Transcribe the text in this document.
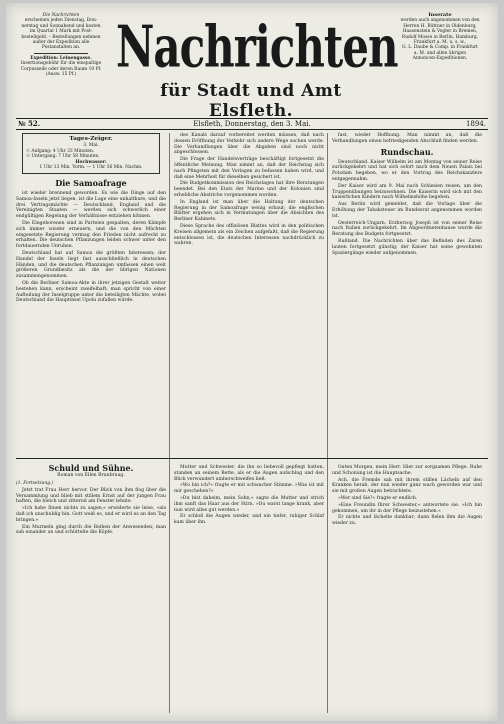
Die Nachrichten
erscheinen jeden Dienstag, Don-
nerstag und Sonnabend und kosten
im Quartal 1 Mark mit Post-
bestellgeld. – Bestellungen nehmen
außer der Expedition alle
Postanstalten an.
Expedition: Leinengasse.
Insertionsgebühr für die einspaltige
Corpuszeile oder deren Raum 10 Pf.
(Ausw. 15 Pf.) Nachrichten
für Stadt und Amt Elsfleth.
Inserate
werden auch angenommen von den
Herren H. Büttner in Oldenburg,
Haasenstein & Vogler in Bremen,
Rudolf Mosse in Berlin, Hamburg,
Frankfurt a. M. u. s. w.,
G. L. Daube & Comp. in Frankfurt
a. M. und allen übrigen
Annoncen-Expeditionen.
№ 52.	Elsfleth, Donnerstag, den 3. Mai.	1894.
Tages-Zeiger.
3. Mai.
☉ Aufgang: 4 Uhr 33 Minuten.
☉ Untergang: 7 Uhr 58 Minuten.
Hochwasser:
1 Uhr 13 Min. Vorm. — 1 Uhr 36 Min. Nachm.
Die Samoafrage

ist wieder brennend geworden. Es wie die Dinge auf den Samoa-Inseln jetzt liegen, ist die Lage eine unhaltbare, und die drei Vertragsmächte — Deutschland, England und die Vereinigten Staaten — werden sich schwerlich einer endgültigen Regelung der Verhältnisse entziehen können.

Die Eingeborenen sind in Parteien gespalten, deren Kämpfe sich immer wieder erneuern, und die von den Mächten eingesetzte Regierung vermag den Frieden nicht aufrecht zu erhalten. Die deutschen Pflanzungen leiden schwer unter den fortdauernden Unruhen.

Deutschland hat auf Samoa die größten Interessen; der Handel der Inseln liegt fast ausschließlich in deutschen Händen, und die deutschen Pflanzungen umfassen einen weit größeren Grundbesitz als die der übrigen Nationen zusammengenommen.

Ob die Berliner Samoa-Akte in ihrer jetzigen Gestalt weiter bestehen kann, erscheint zweifelhaft; man spricht von einer Aufteilung der Inselgruppe unter die beteiligten Mächte, wobei Deutschland die Hauptinsel Upolu zufallen würde.

des Kanals darauf vorbereitet werden müssen, daß nach dessen Eröffnung der Verkehr sich andere Wege suchen werde. Die Verhandlungen über die Abgaben sind noch nicht abgeschlossen.

Die Frage der Handelsverträge beschäftigt fortgesetzt die öffentliche Meinung. Man nimmt an, daß der Reichstag sich nach Pfingsten mit den Vorlagen zu befassen haben wird, und daß eine Mehrheit für dieselben gesichert ist.

Die Budgetkommission des Reichstages hat ihre Beratungen beendet. Bei den Etats der Marine und der Kolonien sind erhebliche Abstriche vorgenommen worden.

In England ist man über die Haltung der deutschen Regierung in der Samoafrage wenig erbaut; die englischen Blätter ergehen sich in Vermutungen über die Absichten des Berliner Kabinets.

Diese Sprache des offiziösen Blattes wird in den politischen Kreisen allgemein als ein Zeichen aufgefaßt, daß die Regierung entschlossen ist, die deutschen Interessen nachdrücklich zu wahren.

fast, wieder Hoffnung. Man nimmt an, daß die Verhandlungen einen befriedigenden Abschluß finden werden.

Rundschau.

Deutschland. Kaiser Wilhelm ist am Montag von seiner Reise zurückgekehrt und hat sich sofort nach dem Neuen Palais bei Potsdam begeben, wo er den Vortrag des Reichskanzlers entgegennahm.

Der Kaiser wird am 9. Mai nach Schlesien reisen, um den Truppenübungen beizuwohnen. Die Kaiserin wird sich mit den kaiserlichen Kindern nach Wilhelmshöhe begeben.

Aus Berlin wird gemeldet, daß die Vorlage über die Erhöhung der Tabaksteuer im Bundesrat angenommen worden ist.

Oesterreich-Ungarn. Erzherzog Joseph ist von seiner Reise nach Italien zurückgekehrt. Im Abgeordnetenhause wurde die Beratung des Budgets fortgesetzt.

Rußland. Die Nachrichten über das Befinden des Zaren lauten fortgesetzt günstig; der Kaiser hat seine gewohnten Spaziergänge wieder aufgenommen.

Schuld und Sühne.
Roman von Ellen Brunbraug.
(1. Fortsetzung.)

Jetzt trat Frau Herr hervor. Der Blick von ihm flog über die Versammlung und blieb mit stillem Ernst auf der jungen Frau haften, die bleich und zitternd am Fenster lehnte.

»Ich habe Ihnen nichts zu sagen,« erwiderte sie leise, »als daß ich unschuldig bin. Gott weiß es, und er wird es an den Tag bringen.«

Ein Murmeln ging durch die Reihen der Anwesenden; man sah einander an und schüttelte die Köpfe.

Mutter und Schwester, die ihn so liebevoll gepflegt hatten, standen an seinem Bette, als er die Augen aufschlug und den Blick verwundert umherschweifen ließ.

»Wo bin ich?« fragte er mit schwacher Stimme. »Was ist mit mir geschehen?«

»Du bist daheim, mein Sohn,« sagte die Mutter und strich ihm sanft das Haar aus der Stirn. »Du warst lange krank, aber nun wird alles gut werden.«

Er schloß die Augen wieder, und ein tiefer, ruhiger Schlaf kam über ihn.

Guten Morgen, mein Herr. Hier zur sorgsamen Pflege. Ruhe und Schonung ist die Hauptsache.

Ach, die Fremde sah mit ihrem stillen Lächeln auf den Kranken herab, der nun wieder ganz wach geworden war und sie mit großen Augen betrachtete.

»Wer sind Sie?« fragte er endlich.

»Eine Freundin Ihrer Schwester,« antwortete sie. »Ich bin gekommen, um ihr in der Pflege beizustehen.«

Er nickte und lächelte dankbar; dann fielen ihm die Augen wieder zu.
